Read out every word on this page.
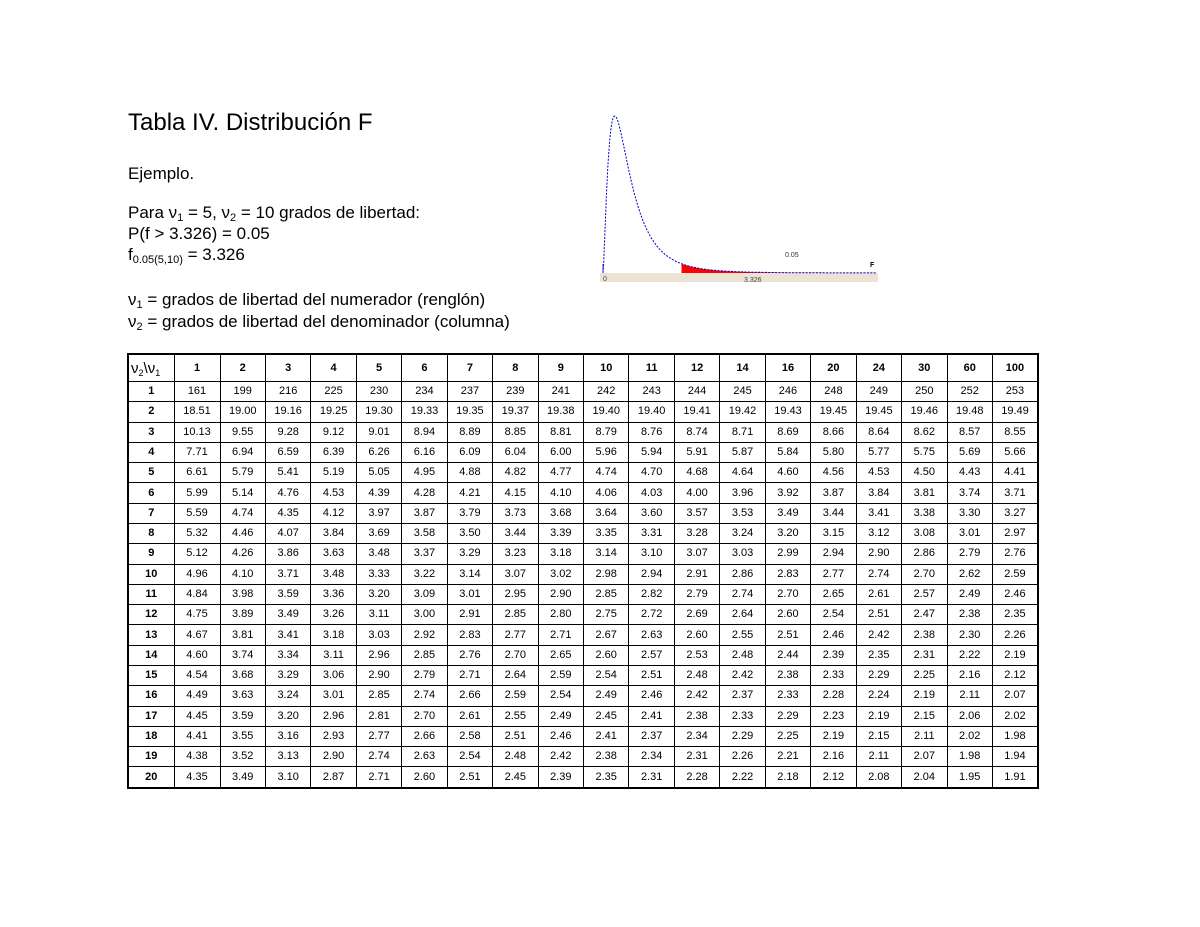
Tabla IV. Distribución F
Ejemplo.
Para $\nu_1 = 5$, $\nu_2 = 10$ grados de libertad:
P(f > 3.326) = 0.05
$f_{0.05(5,10)} = 3.326$
$\nu_1$ = grados de libertad del numerador (renglón)
$\nu_2$ = grados de libertad del denominador (columna)
0	3.326
0.05
F
$\nu_2\backslash\nu_1$	1	2	3	4	5	6	7	8	9	10	11	12	14	16	20	24	30	60	100
1	161	199	216	225	230	234	237	239	241	242	243	244	245	246	248	249	250	252	253
2	18.51	19.00	19.16	19.25	19.30	19.33	19.35	19.37	19.38	19.40	19.40	19.41	19.42	19.43	19.45	19.45	19.46	19.48	19.49
3	10.13	9.55	9.28	9.12	9.01	8.94	8.89	8.85	8.81	8.79	8.76	8.74	8.71	8.69	8.66	8.64	8.62	8.57	8.55
4	7.71	6.94	6.59	6.39	6.26	6.16	6.09	6.04	6.00	5.96	5.94	5.91	5.87	5.84	5.80	5.77	5.75	5.69	5.66
5	6.61	5.79	5.41	5.19	5.05	4.95	4.88	4.82	4.77	4.74	4.70	4.68	4.64	4.60	4.56	4.53	4.50	4.43	4.41
6	5.99	5.14	4.76	4.53	4.39	4.28	4.21	4.15	4.10	4.06	4.03	4.00	3.96	3.92	3.87	3.84	3.81	3.74	3.71
7	5.59	4.74	4.35	4.12	3.97	3.87	3.79	3.73	3.68	3.64	3.60	3.57	3.53	3.49	3.44	3.41	3.38	3.30	3.27
8	5.32	4.46	4.07	3.84	3.69	3.58	3.50	3.44	3.39	3.35	3.31	3.28	3.24	3.20	3.15	3.12	3.08	3.01	2.97
9	5.12	4.26	3.86	3.63	3.48	3.37	3.29	3.23	3.18	3.14	3.10	3.07	3.03	2.99	2.94	2.90	2.86	2.79	2.76
10	4.96	4.10	3.71	3.48	3.33	3.22	3.14	3.07	3.02	2.98	2.94	2.91	2.86	2.83	2.77	2.74	2.70	2.62	2.59
11	4.84	3.98	3.59	3.36	3.20	3.09	3.01	2.95	2.90	2.85	2.82	2.79	2.74	2.70	2.65	2.61	2.57	2.49	2.46
12	4.75	3.89	3.49	3.26	3.11	3.00	2.91	2.85	2.80	2.75	2.72	2.69	2.64	2.60	2.54	2.51	2.47	2.38	2.35
13	4.67	3.81	3.41	3.18	3.03	2.92	2.83	2.77	2.71	2.67	2.63	2.60	2.55	2.51	2.46	2.42	2.38	2.30	2.26
14	4.60	3.74	3.34	3.11	2.96	2.85	2.76	2.70	2.65	2.60	2.57	2.53	2.48	2.44	2.39	2.35	2.31	2.22	2.19
15	4.54	3.68	3.29	3.06	2.90	2.79	2.71	2.64	2.59	2.54	2.51	2.48	2.42	2.38	2.33	2.29	2.25	2.16	2.12
16	4.49	3.63	3.24	3.01	2.85	2.74	2.66	2.59	2.54	2.49	2.46	2.42	2.37	2.33	2.28	2.24	2.19	2.11	2.07
17	4.45	3.59	3.20	2.96	2.81	2.70	2.61	2.55	2.49	2.45	2.41	2.38	2.33	2.29	2.23	2.19	2.15	2.06	2.02
18	4.41	3.55	3.16	2.93	2.77	2.66	2.58	2.51	2.46	2.41	2.37	2.34	2.29	2.25	2.19	2.15	2.11	2.02	1.98
19	4.38	3.52	3.13	2.90	2.74	2.63	2.54	2.48	2.42	2.38	2.34	2.31	2.26	2.21	2.16	2.11	2.07	1.98	1.94
20	4.35	3.49	3.10	2.87	2.71	2.60	2.51	2.45	2.39	2.35	2.31	2.28	2.22	2.18	2.12	2.08	2.04	1.95	1.91
